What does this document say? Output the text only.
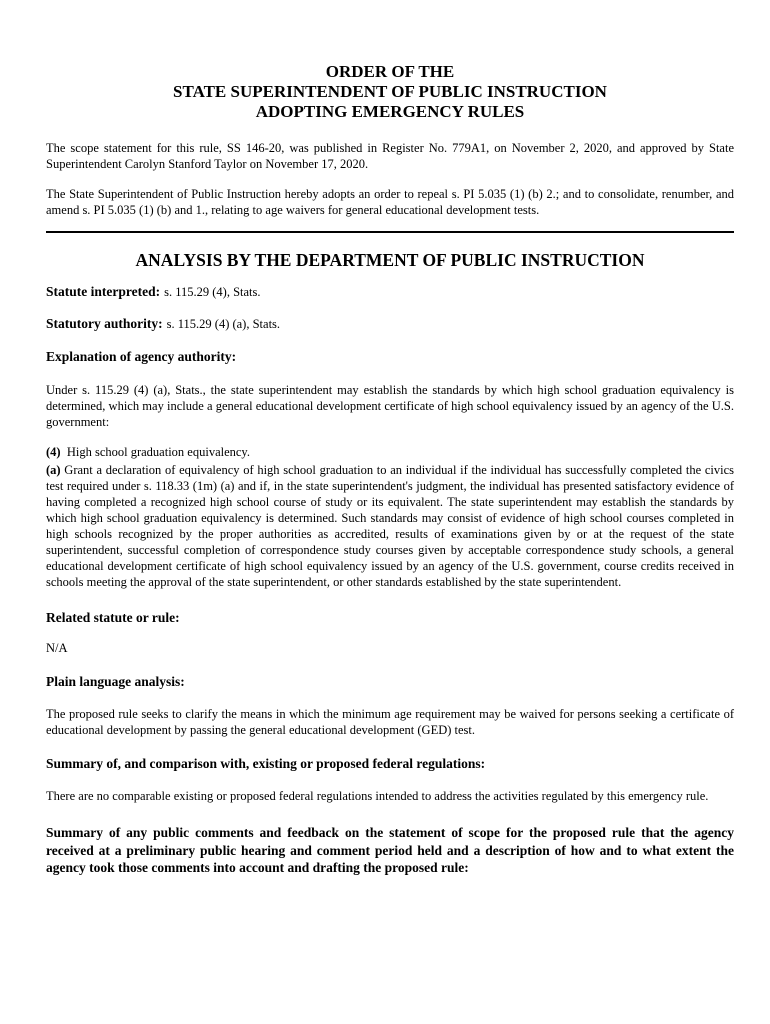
ORDER OF THE
STATE SUPERINTENDENT OF PUBLIC INSTRUCTION
ADOPTING EMERGENCY RULES

The scope statement for this rule, SS 146-20, was published in Register No. 779A1, on November 2, 2020, and approved by State Superintendent Carolyn Stanford Taylor on November 17, 2020.

The State Superintendent of Public Instruction hereby adopts an order to repeal s. PI 5.035 (1) (b) 2.; and to consolidate, renumber, and amend s. PI 5.035 (1) (b) and 1., relating to age waivers for general educational development tests.

ANALYSIS BY THE DEPARTMENT OF PUBLIC INSTRUCTION

Statute interpreted: s. 115.29 (4), Stats.

Statutory authority: s. 115.29 (4) (a), Stats.

Explanation of agency authority:

Under s. 115.29 (4) (a), Stats., the state superintendent may establish the standards by which high school graduation equivalency is determined, which may include a general educational development certificate of high school equivalency issued by an agency of the U.S. government:

(4) High school graduation equivalency.

(a) Grant a declaration of equivalency of high school graduation to an individual if the individual has successfully completed the civics test required under s. 118.33 (1m) (a) and if, in the state superintendent's judgment, the individual has presented satisfactory evidence of having completed a recognized high school course of study or its equivalent. The state superintendent may establish the standards by which high school graduation equivalency is determined. Such standards may consist of evidence of high school courses completed in high schools recognized by the proper authorities as accredited, results of examinations given by or at the request of the state superintendent, successful completion of correspondence study courses given by acceptable correspondence study schools, a general educational development certificate of high school equivalency issued by an agency of the U.S. government, course credits received in schools meeting the approval of the state superintendent, or other standards established by the state superintendent.

Related statute or rule:

N/A

Plain language analysis:

The proposed rule seeks to clarify the means in which the minimum age requirement may be waived for persons seeking a certificate of educational development by passing the general educational development (GED) test.

Summary of, and comparison with, existing or proposed federal regulations:

There are no comparable existing or proposed federal regulations intended to address the activities regulated by this emergency rule.

Summary of any public comments and feedback on the statement of scope for the proposed rule that the agency received at a preliminary public hearing and comment period held and a description of how and to what extent the agency took those comments into account and drafting the proposed rule:
